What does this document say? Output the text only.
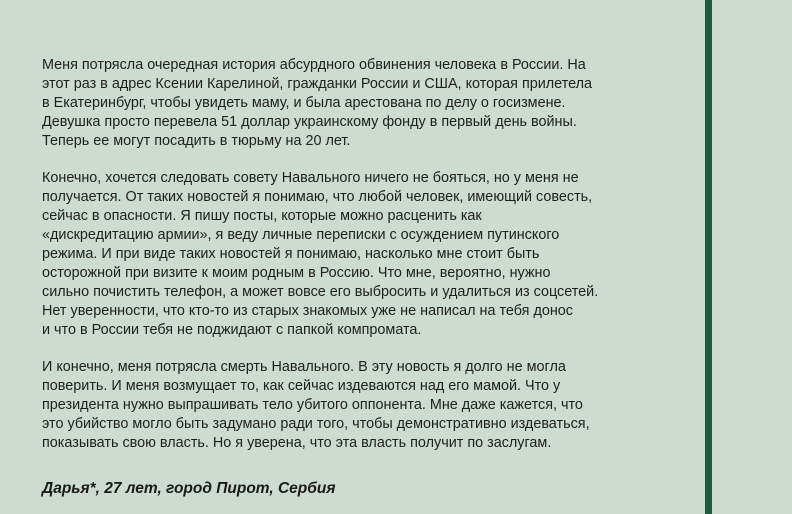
Меня потрясла очередная история абсурдного обвинения человека в России. На
этот раз в адрес Ксении Карелиной, гражданки России и США, которая прилетела
в Екатеринбург, чтобы увидеть маму, и была арестована по делу о госизмене.
Девушка просто перевела 51 доллар украинскому фонду в первый день войны.
Теперь ее могут посадить в тюрьму на 20 лет.
Конечно, хочется следовать совету Навального ничего не бояться, но у меня не
получается. От таких новостей я понимаю, что любой человек, имеющий совесть,
сейчас в опасности. Я пишу посты, которые можно расценить как
«дискредитацию армии», я веду личные переписки с осуждением путинского
режима. И при виде таких новостей я понимаю, насколько мне стоит быть
осторожной при визите к моим родным в Россию. Что мне, вероятно, нужно
сильно почистить телефон, а может вовсе его выбросить и удалиться из соцсетей.
Нет уверенности, что кто-то из старых знакомых уже не написал на тебя донос
и что в России тебя не поджидают с папкой компромата.
И конечно, меня потрясла смерть Навального. В эту новость я долго не могла
поверить. И меня возмущает то, как сейчас издеваются над его мамой. Что у
президента нужно выпрашивать тело убитого оппонента. Мне даже кажется, что
это убийство могло быть задумано ради того, чтобы демонстративно издеваться,
показывать свою власть. Но я уверена, что эта власть получит по заслугам.
Дарья*, 27 лет, город Пирот, Сербия
